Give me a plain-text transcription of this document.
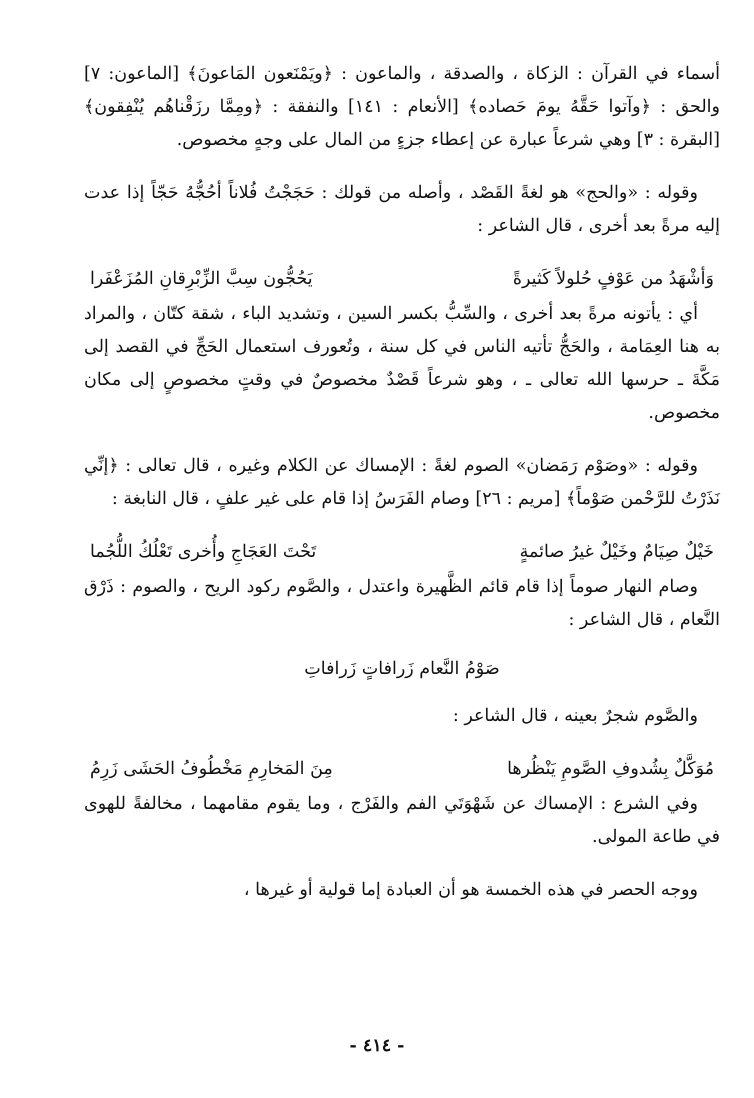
أسماء في القرآن : الزكاة ، والصدقة ، والماعون : ﴿ويَمْنَعون المَاعونَ﴾ [الماعون: ٧] والحق : ﴿وآتوا حَقَّهُ يومَ حَصاده﴾ [الأنعام : ١٤١] والنفقة : ﴿ومِمَّا رزَقْناهُم يُنْفِقون﴾ [البقرة : ٣] وهي شرعاً عبارة عن إعطاء جزءٍ من المال على وجهٍ مخصوص.

وقوله : «والحج» هو لغةً القَصْد ، وأصله من قولك : حَجَجْتُ فُلاناً أحُجُّهُ حَجّاً إذا عدت إليه مرةً بعد أخرى ، قال الشاعر :

وَأشْهَدُ من عَوْفٍ حُلولاً كَثيرةً
يَحُجُّون سِبَّ الزِّبْرِقانِ المُزَعْفَرا

أي : يأتونه مرةً بعد أخرى ، والسِّبُّ بكسر السين ، وتشديد الباء ، شقة كتّان ، والمراد به هنا العِمَامة ، والحَجُّ تأتيه الناس في كل سنة ، وتُعورف استعمال الحَجِّ في القصد إلى مَكَّةَ ـ حرسها الله تعالى ـ ، وهو شرعاً قَصْدٌ مخصوصٌ في وقتٍ مخصوصٍ إلى مكان مخصوص.

وقوله : «وصَوْم رَمَضان» الصوم لغةً : الإمساك عن الكلام وغيره ، قال تعالى : ﴿إنِّي نَذَرْتُ للرَّحْمن صَوْماً﴾ [مريم : ٢٦] وصام الفَرَسُ إذا قام على غير علفٍ ، قال النابغة :

خَيْلٌ صِيَامٌ وخَيْلٌ غيرُ صائمةٍ
تَحْتَ العَجَاجِ وأُخرى تَعْلُكُ اللُّجُما

وصام النهار صوماً إذا قام قائم الظَّهيرة واعتدل ، والصَّوم ركود الريح ، والصوم : ذَرْق النَّعام ، قال الشاعر :

صَوْمُ النَّعام زَرافاتٍ زَرافاتِ

والصَّوم شجرٌ بعينه ، قال الشاعر :

مُوَكَّلٌ بِشُدوفِ الصَّومِ يَنْظُرها
مِنَ المَخارِمِ مَخْطُوفُ الحَشَى زَرِمُ

وفي الشرع : الإمساك عن شَهْوَتَي الفم والفَرْج ، وما يقوم مقامهما ، مخالفةً للهوى في طاعة المولى.

ووجه الحصر في هذه الخمسة هو أن العبادة إما قولية أو غيرها ،

- ٤١٤ -
